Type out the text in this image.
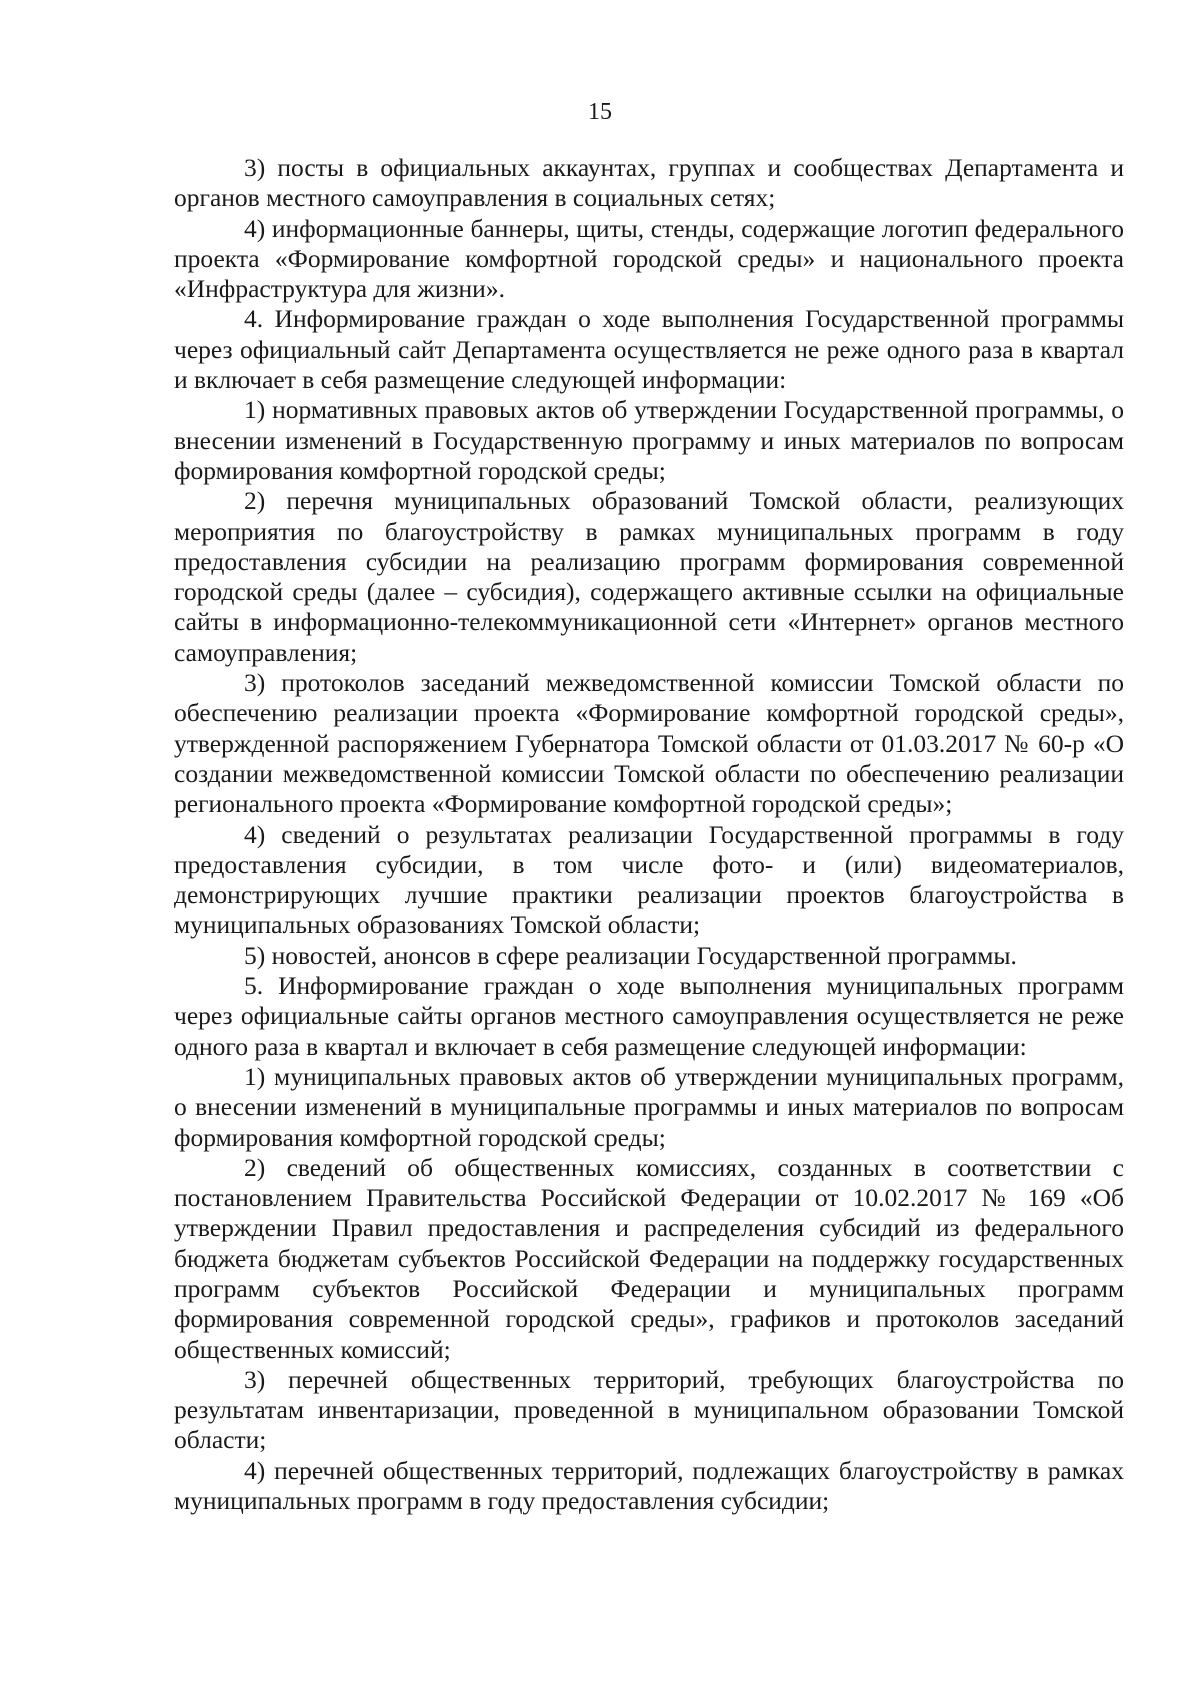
15

3) посты в официальных аккаунтах, группах и сообществах Департамента и органов местного самоуправления в социальных сетях;

4) информационные баннеры, щиты, стенды, содержащие логотип федерального проекта «Формирование комфортной городской среды» и национального проекта «Инфраструктура для жизни».

4. Информирование граждан о ходе выполнения Государственной программы через официальный сайт Департамента осуществляется не реже одного раза в квартал и включает в себя размещение следующей информации:

1) нормативных правовых актов об утверждении Государственной программы, о внесении изменений в Государственную программу и иных материалов по вопросам формирования комфортной городской среды;

2) перечня муниципальных образований Томской области, реализующих мероприятия по благоустройству в рамках муниципальных программ в году предоставления субсидии на реализацию программ формирования современной городской среды (далее – субсидия), содержащего активные ссылки на официальные сайты в информационно-телекоммуникационной сети «Интернет» органов местного самоуправления;

3) протоколов заседаний межведомственной комиссии Томской области по обеспечению реализации проекта «Формирование комфортной городской среды», утвержденной распоряжением Губернатора Томской области от 01.03.2017 № 60-р «О создании межведомственной комиссии Томской области по обеспечению реализации регионального проекта «Формирование комфортной городской среды»;

4) сведений о результатах реализации Государственной программы в году предоставления субсидии, в том числе фото- и (или) видеоматериалов, демонстрирующих лучшие практики реализации проектов благоустройства в муниципальных образованиях Томской области;

5) новостей, анонсов в сфере реализации Государственной программы.

5. Информирование граждан о ходе выполнения муниципальных программ через официальные сайты органов местного самоуправления осуществляется не реже одного раза в квартал и включает в себя размещение следующей информации:

1) муниципальных правовых актов об утверждении муниципальных программ, о внесении изменений в муниципальные программы и иных материалов по вопросам формирования комфортной городской среды;

2) сведений об общественных комиссиях, созданных в соответствии с постановлением Правительства Российской Федерации от 10.02.2017 № 169 «Об утверждении Правил предоставления и распределения субсидий из федерального бюджета бюджетам субъектов Российской Федерации на поддержку государственных программ субъектов Российской Федерации и муниципальных программ формирования современной городской среды», графиков и протоколов заседаний общественных комиссий;

3) перечней общественных территорий, требующих благоустройства по результатам инвентаризации, проведенной в муниципальном образовании Томской области;

4) перечней общественных территорий, подлежащих благоустройству в рамках муниципальных программ в году предоставления субсидии;
